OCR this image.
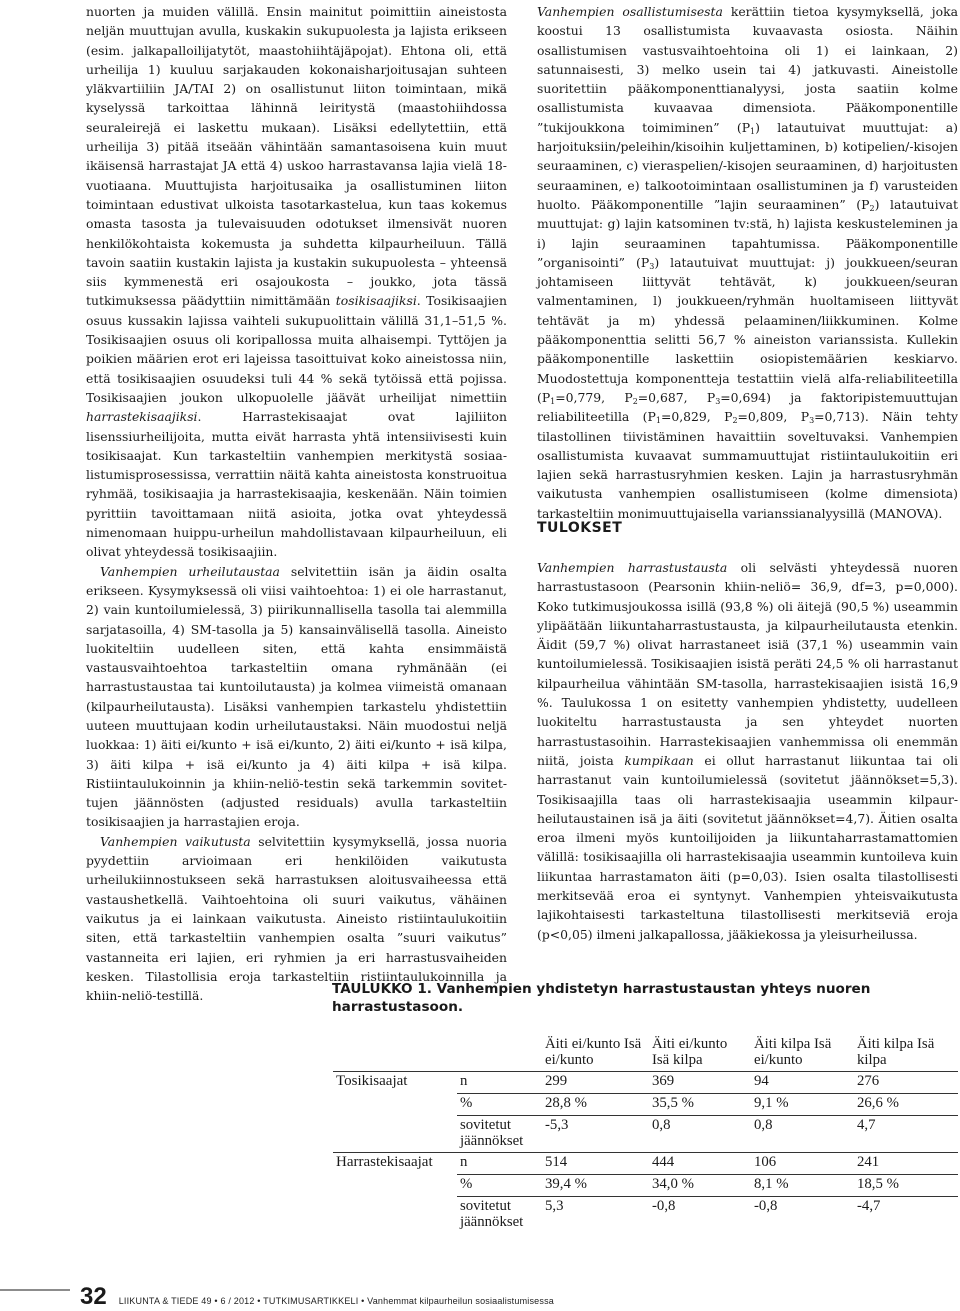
nuorten ja muiden välillä. Ensin mainitut poimittiin aineistosta neljän muuttujan avulla, kuskakin sukupuolesta ja lajista erikseen (esim. jalkapalloilijatytöt, maastohiihtäjäpojat). Ehtona oli, että urheilija 1) kuuluu sarjakauden kokonaisharjoitusajan suhteen yläkvartiiliin JA/TAI 2) on osallistunut liiton toimintaan, mikä kyselyssä tarkoittaa lähinnä leiritystä (maastohiihdossa seuraleirejä ei laskettu mukaan). Lisäksi edellytettiin, että urheilija 3) pitää itseään vähintään samantasoisena kuin muut ikäisensä harrastajat JA että 4) uskoo harrastavansa lajia vielä 18-vuotiaana. Muuttujista harjoitusaika ja osallistuminen liiton toimintaan edustivat ulkoista tasotarkastelua, kun taas kokemus omasta tasosta ja tulevaisuuden odotukset ilmensivät nuoren henkilökohtaista kokemusta ja suhdetta kilpaurheiluun. Tällä tavoin saatiin kustakin lajista ja kustakin sukupuolesta – yhteensä siis kymmenestä eri osajoukosta – joukko, jota tässä tutkimuksessa päädyttiin nimittämään tosikisaajiksi. Tosikisaajien osuus kussakin lajissa vaihteli sukupuolittain välillä 31,1–51,5 %. Tosikisaajien osuus oli koripallossa muita alhaisempi. Tyttöjen ja poikien määrien erot eri lajeissa tasoittuivat koko aineistossa niin, että tosikisaajien osuudeksi tuli 44 % sekä tytöissä että pojissa. Tosikisaajien joukon ulkopuolelle jäävät urheilijat nimettiin harrastekisaajiksi. Harrastekisaajat ovat lajiliiton lisenssiurheilijoita, mutta eivät harrasta yhtä intensiivisesti kuin tosikisaajat. Kun tarkasteltiin vanhempien merkitystä sosiaalistumisprosessissa, verrattiin näitä kahta aineistosta konstruoitua ryhmää, tosikisaajia ja harrastekisaajia, keskenään. Näin toimien pyrittiin tavoittamaan niitä asioita, jotka ovat yhteydessä nimenomaan huippu-urheilun mahdollistavaan kilpaurheiluun, eli olivat yhteydessä tosikisaajiin.

Vanhempien urheilutaustaa selvitettiin isän ja äidin osalta erikseen. Kysymyksessä oli viisi vaihtoehtoa: 1) ei ole harrastanut, 2) vain kuntoilumielessä, 3) piirikunnallisella tasolla tai alemmilla sarjatasoilla, 4) SM-tasolla ja 5) kansainvälisellä tasolla. Aineisto luokiteltiin uudelleen siten, että kahta ensimmäistä vastausvaihtoehtoa tarkasteltiin omana ryhmänään (ei harrastustaustaa tai kuntoilutausta) ja kolmea viimeistä omanaan (kilpaurheilutausta). Lisäksi vanhempien tarkastelu yhdistettiin uuteen muuttujaan kodin urheilutaustaksi. Näin muodostui neljä luokkaa: 1) äiti ei/kunto + isä ei/kunto, 2) äiti ei/kunto + isä kilpa, 3) äiti kilpa + isä ei/kunto ja 4) äiti kilpa + isä kilpa. Ristiintaulukoinnin ja khiin-neliö-testin sekä tarkemmin sovitettujen jäännösten (adjusted residuals) avulla tarkasteltiin tosikisaajien ja harrastajien eroja.

Vanhempien vaikutusta selvitettiin kysymyksellä, jossa nuoria pyydettiin arvioimaan eri henkilöiden vaikutusta urheilukiinnostukseen sekä harrastuksen aloitusvaiheessa että vastaushetkellä. Vaihtoehtoina oli suuri vaikutus, vähäinen vaikutus ja ei lainkaan vaikutusta. Aineisto ristiintaulukoitiin siten, että tarkasteltiin vanhempien osalta ”suuri vaikutus” vastanneita eri lajien, eri ryhmien ja eri harrastusvaiheiden kesken. Tilastollisia eroja tarkasteltiin ristiintaulukoinnilla ja khiin-neliö-testillä.

Vanhempien osallistumisesta kerättiin tietoa kysymyksellä, joka koostui 13 osallistumista kuvaavasta osiosta. Näihin osallistumisen vastusvaihtoehtoina oli 1) ei lainkaan, 2) satunnaisesti, 3) melko usein tai 4) jatkuvasti. Aineistolle suoritettiin pääkomponenttianalyysi, josta saatiin kolme osallistumista kuvaavaa dimensiota. Pääkomponentille ”tukijoukkona toimiminen” $(P_1)$ latautuivat muuttujat: a) harjoituksiin/peleihin/kisoihin kuljettaminen, b) kotipelien/-kisojen seuraaminen, c) vieraspelien/-kisojen seuraaminen, d) harjoitusten seuraaminen, e) talkootoimintaan osallistuminen ja f) varusteiden huolto. Pääkomponentille ”lajin seuraaminen” $(P_2)$ latautuivat muuttujat: g) lajin katsominen tv:stä, h) lajista keskusteleminen ja i) lajin seuraaminen tapahtumissa. Pääkomponentille ”organisointi” $(P_3)$ latautuivat muuttujat: j) joukkueen/seuran johtamiseen liittyvät tehtävät, k) joukkueen/seuran valmentaminen, l) joukkueen/ryhmän huoltamiseen liittyvät tehtävät ja m) yhdessä pelaaminen/liikkuminen. Kolme pääkomponenttia selitti 56,7 % aineiston varianssista. Kullekin pääkomponentille laskettiin osiopistemäärien keskiarvo. Muodostettuja komponentteja testattiin vielä alfa-reliabiliteetilla ($P_1=0,779$, $P_2=0,687$, $P_3=0,694$) ja faktoripistemuuttujan reliabiliteetilla ($P_1=0,829$, $P_2=0,809$, $P_3=0,713$). Näin tehty tilastollinen tiivistäminen havaittiin soveltuvaksi. Vanhempien osallistumista kuvaavat summamuuttujat ristiintaulukoitiin eri lajien sekä harrastusryhmien kesken. Lajin ja harrastusryhmän vaikutusta vanhempien osallistumiseen (kolme dimensiota) tarkasteltiin monimuuttujaisella varianssianalyysillä (MANOVA).

TULOKSET

Vanhempien harrastustausta oli selvästi yhteydessä nuoren harrastustasoon (Pearsonin khiin-neliö= 36,9, df=3, p=0,000). Koko tutkimusjoukossa isillä (93,8 %) oli äitejä (90,5 %) useammin ylipäätään liikuntaharrastustausta, ja kilpaurheilutausta etenkin. Äidit (59,7 %) olivat harrastaneet isiä (37,1 %) useammin vain kuntoilumielessä. Tosikisaajien isistä peräti 24,5 % oli harrastanut kilpaurheilua vähintään SM-tasolla, harrastekisaajien isistä 16,9 %. Taulukossa 1 on esitetty vanhempien yhdistetty, uudelleen luokiteltu harrastustausta ja sen yhteydet nuorten harrastustasoihin. Harrastekisaajien vanhemmissa oli enemmän niitä, joista kumpikaan ei ollut harrastanut liikuntaa tai oli harrastanut vain kuntoilumielessä (sovitetut jäännökset=5,3). Tosikisaajilla taas oli harrastekisaajia useammin kilpaurheilutaustainen isä ja äiti (sovitetut jäännökset=4,7). Äitien osalta eroa ilmeni myös kuntoilijoiden ja liikuntaharrastamattomien välillä: tosikisaajilla oli harrastekisaajia useammin kuntoileva kuin liikuntaa harrastamaton äiti (p=0,03). Isien osalta tilastollisesti merkitsevää eroa ei syntynyt. Vanhempien yhteisvaikutusta lajikohtaisesti tarkasteltuna tilastollisesti merkitseviä eroja (p<0,05) ilmeni jalkapallossa, jääkiekossa ja yleisurheilussa.

TAULUKKO 1. Vanhempien yhdistetyn harrastustaustan yhteys nuoren harrastustasoon.

		Äiti ei/kunto Isä ei/kunto	Äiti ei/kunto Isä kilpa	Äiti kilpa Isä ei/kunto	Äiti kilpa Isä kilpa
Tosikisaajat	n	299	369	94	276
	%	28,8 %	35,5 %	9,1 %	26,6 %
	sovitetut jäännökset	-5,3	0,8	0,8	4,7
Harrastekisaajat	n	514	444	106	241
	%	39,4 %	34,0 %	8,1 %	18,5 %
	sovitetut jäännökset	5,3	-0,8	-0,8	-4,7
32 LIIKUNTA & TIEDE 49 • 6 / 2012 • TUTKIMUSARTIKKELI • Vanhemmat kilpaurheilun sosiaalistumisessa
